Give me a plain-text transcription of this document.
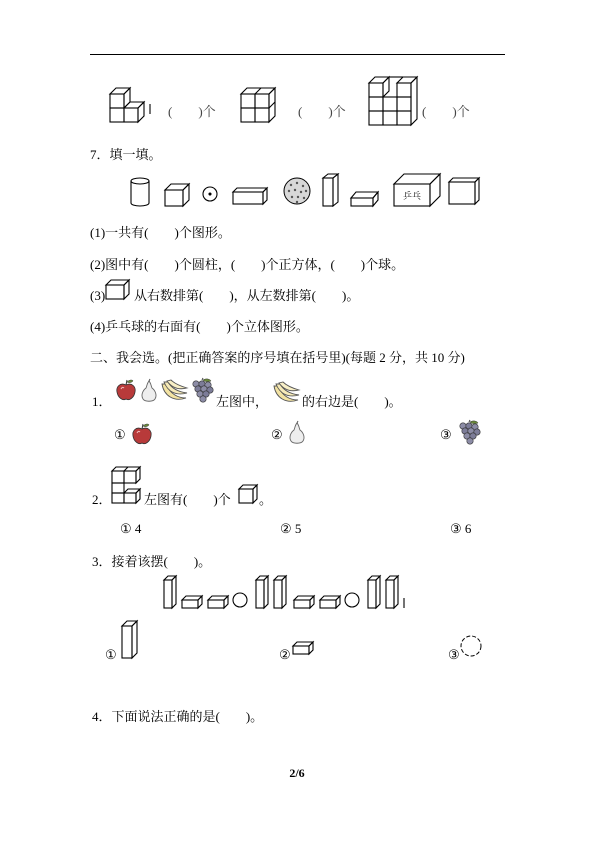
(　　)个	(　　)个	(　　)个
7．填一填。
乒乓
(1)一共有(　　)个图形。
(2)图中有(　　)个圆柱，(　　)个正方体，(　　)个球。
(3) 从右数排第(　　)，从左数排第(　　)。
(4)乒乓球的右面有(　　)个立体图形。
二、我会选。(把正确答案的序号填在括号里)(每题 2 分，共 10 分)
1．	左图中，	的右边是(　　)。
①	②	③
2． 左图有(　　)个 。
① 4	② 5	③ 6
3．接着该摆(　　)。
①	②	③
4．下面说法正确的是(　　)。
2/6
